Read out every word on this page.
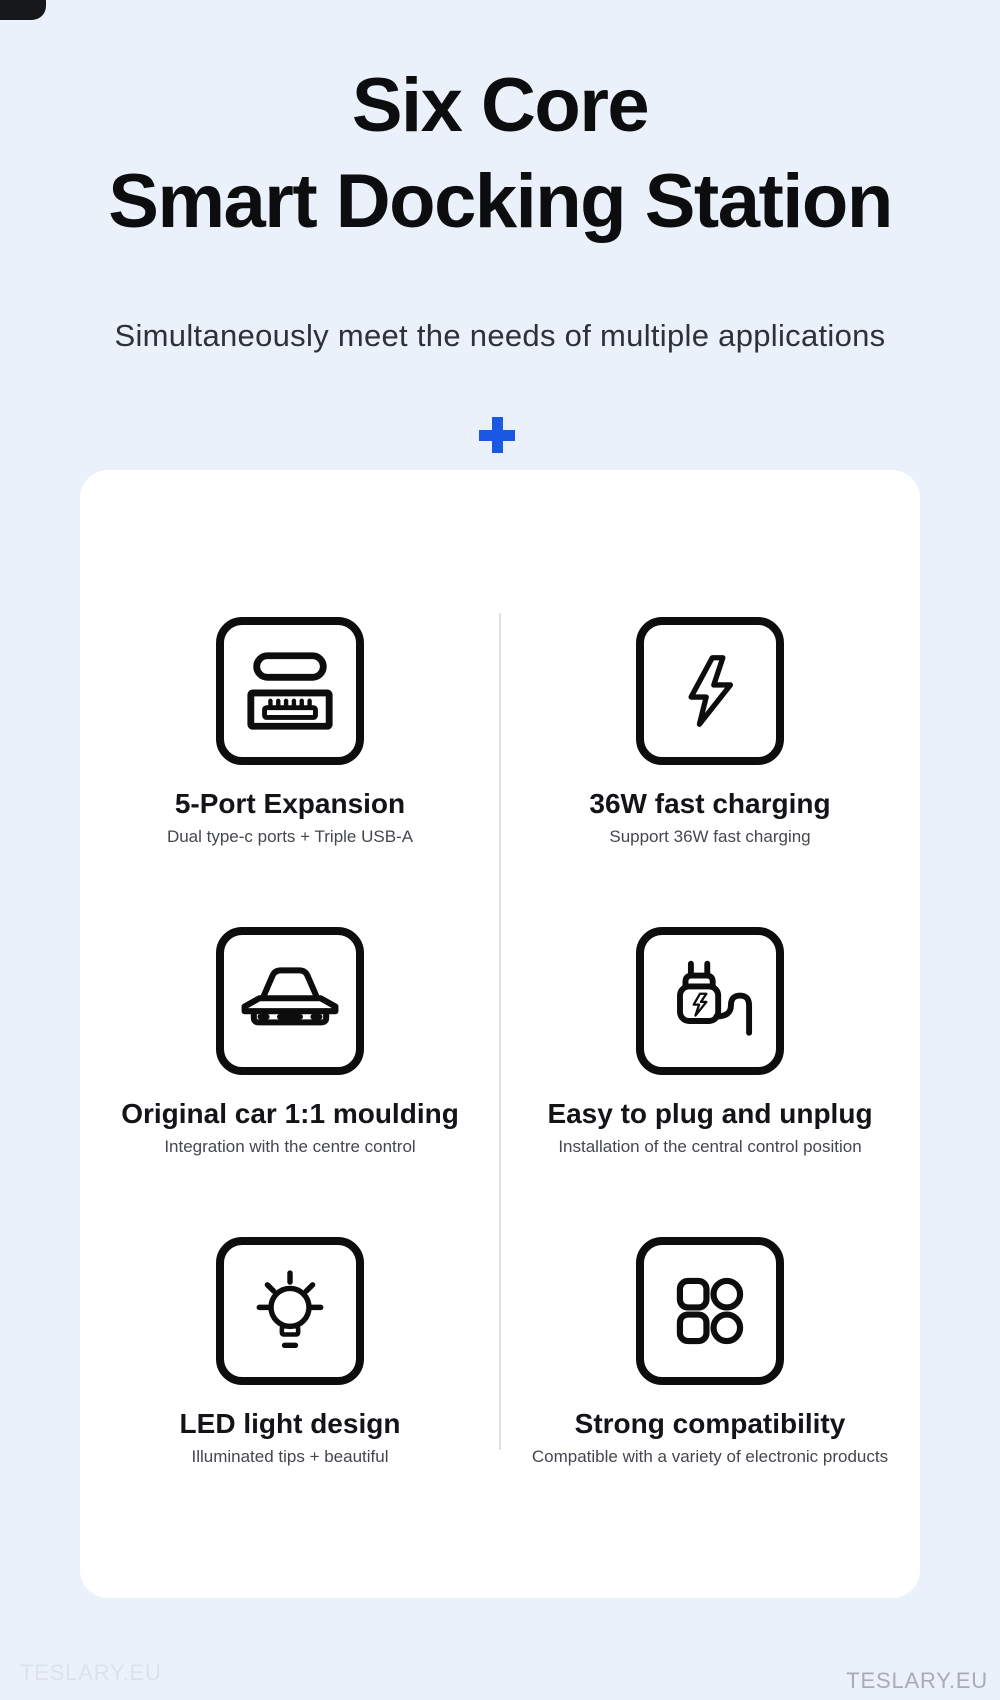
Six Core
Smart Docking Station

Simultaneously meet the needs of multiple applications

5-Port Expansion

Dual type-c ports + Triple USB-A

36W fast charging

Support 36W fast charging

Original car 1:1 moulding

Integration with the centre control

Easy to plug and unplug

Installation of the central control position

LED light design

Illuminated tips + beautiful

Strong compatibility

Compatible with a variety of electronic products

TESLARY.EU	TESLARY.EU
